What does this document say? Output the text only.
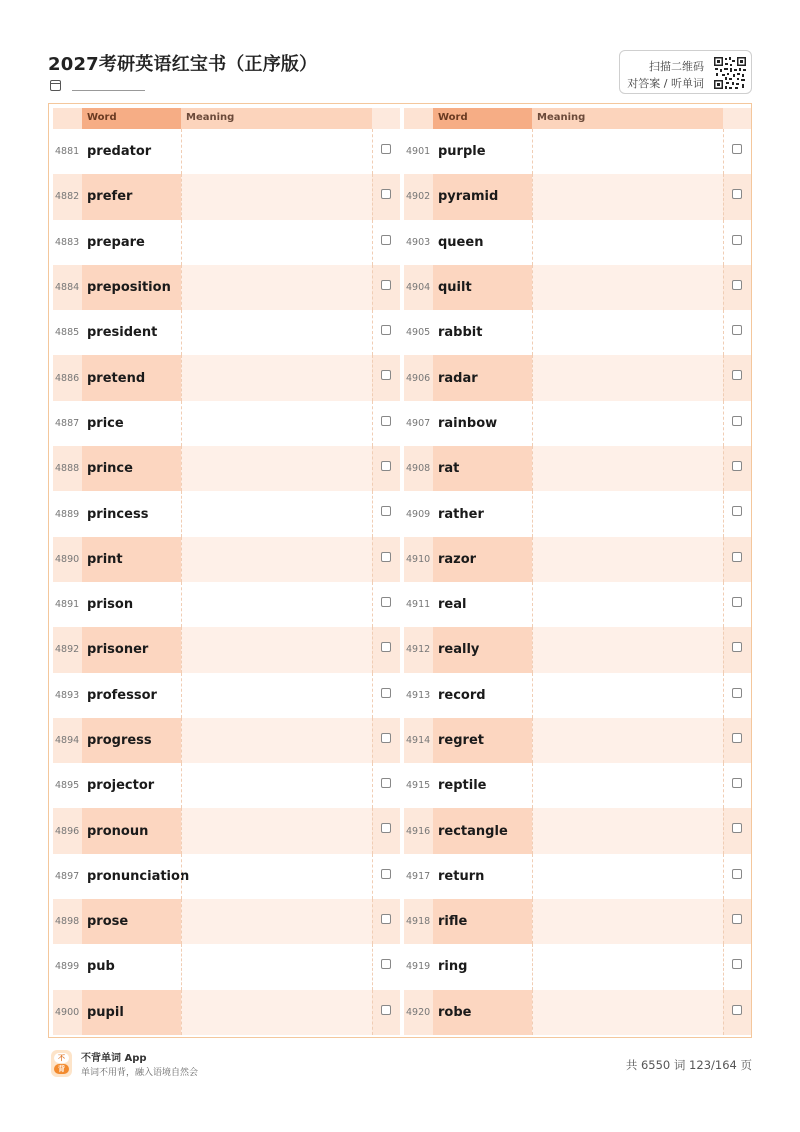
2027考研英语红宝书（正序版）	扫描二维码
对答案 / 听单词
Word	Meaning
4881 predator
4882 prefer
4883 prepare
4884 preposition
4885 president
4886 pretend
4887 price
4888 prince
4889 princess
4890 print
4891 prison
4892 prisoner
4893 professor
4894 progress
4895 projector
4896 pronoun
4897 pronunciation
4898 prose
4899 pub
4900 pupil
Word	Meaning
4901 purple
4902 pyramid
4903 queen
4904 quilt
4905 rabbit
4906 radar
4907 rainbow
4908 rat
4909 rather
4910 razor
4911 real
4912 really
4913 record
4914 regret
4915 reptile
4916 rectangle
4917 return
4918 rifle
4919 ring
4920 robe
不
背
不背单词 App
单词不用背，融入语境自然会
共 6550 词 123/164 页
